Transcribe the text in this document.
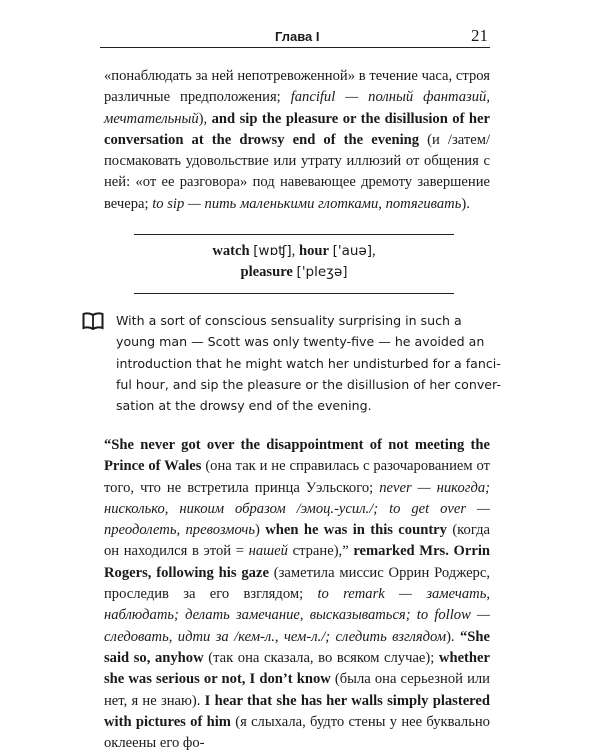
Глава I	21
«понаблюдать за ней непотревоженной» в течение часа, строя различные предположения; fanciful — полный фантазий, мечтательный), and sip the pleasure or the disillusion of her conversation at the drowsy end of the evening (и /затем/ посмаковать удовольствие или утрату иллюзий от общения с ней: «от ее разговора» под навевающее дремоту завершение вечера; to sip — пить маленькими глотками, потягивать).
watch [wɒʧ], hour ['auə],
pleasure ['pleʒə]
With a sort of conscious sensuality surprising in such a
young man — Scott was only twenty-five — he avoided an
introduction that he might watch her undisturbed for a fanci-
ful hour, and sip the pleasure or the disillusion of her conver-
sation at the drowsy end of the evening.
“She never got over the disappointment of not meeting the Prince of Wales (она так и не справилась с разочарованием от того, что не встретила принца Уэльского; never — никогда; нисколько, никоим образом /эмоц.-усил./; to get over — преодолеть, превозмочь) when he was in this country (когда он находился в этой = нашей стране),” remarked Mrs. Orrin Rogers, following his gaze (заметила миссис Оррин Роджерс, проследив за его взглядом; to remark — замечать, наблюдать; делать замечание, высказываться; to follow — следовать, идти за /кем-л., чем-л./; следить взглядом). “She said so, anyhow (так она сказала, во всяком случае); whether she was serious or not, I don’t know (была она серьезной или нет, я не знаю). I hear that she has her walls simply plastered with pictures of him (я слыхала, будто стены у нее буквально оклеены его фо-
